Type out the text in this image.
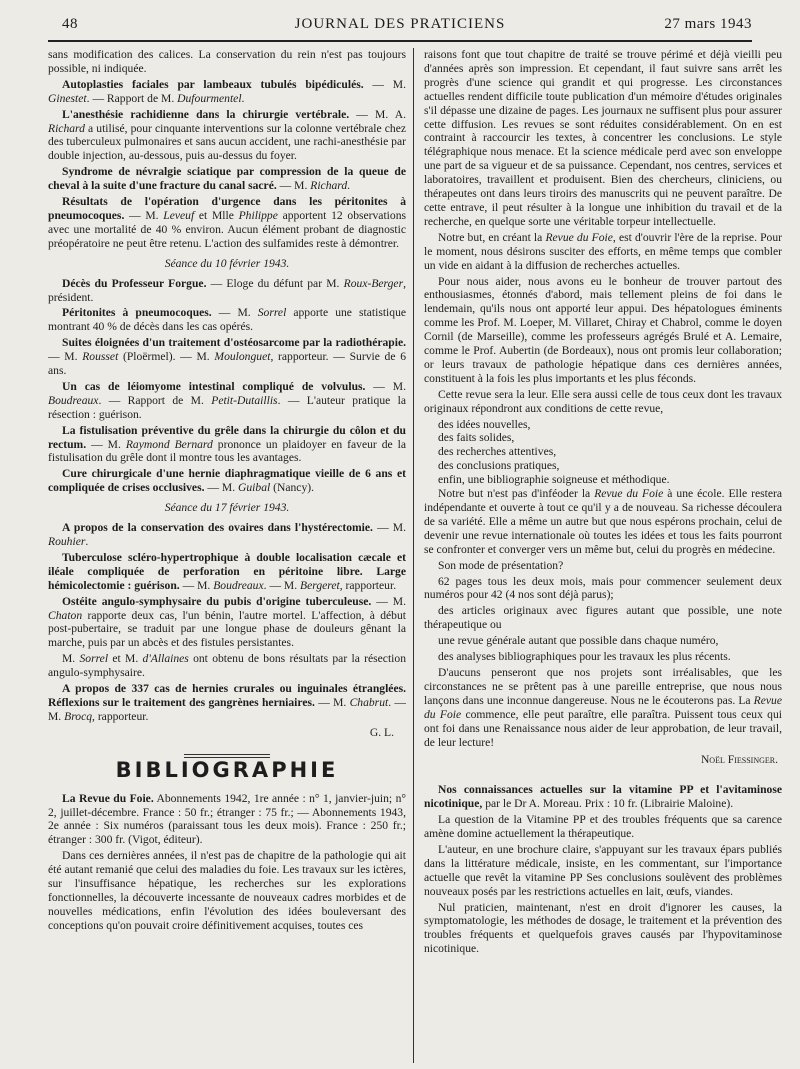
48	JOURNAL DES PRATICIENS	27 mars 1943

sans modification des calices. La conservation du rein n'est pas toujours possible, ni indiquée.

Autoplasties faciales par lambeaux tubulés bipédiculés. — M. Ginestet. — Rapport de M. Dufourmentel.

L'anesthésie rachidienne dans la chirurgie vertébrale. — M. A. Richard a utilisé, pour cinquante interventions sur la colonne vertébrale chez des tuberculeux pulmonaires et sans aucun accident, une rachi-anesthésie par double injection, au-dessous, puis au-dessus du foyer.

Syndrome de névralgie sciatique par compression de la queue de cheval à la suite d'une fracture du canal sacré. — M. Richard.

Résultats de l'opération d'urgence dans les péritonites à pneumocoques. — M. Leveuf et Mlle Philippe apportent 12 observations avec une mortalité de 40 % environ. Aucun élément probant de diagnostic préopératoire ne peut être retenu. L'action des sulfamides reste à démontrer.

Séance du 10 février 1943.

Décès du Professeur Forgue. — Eloge du défunt par M. Roux-Berger, président.

Péritonites à pneumocoques. — M. Sorrel apporte une statistique montrant 40 % de décès dans les cas opérés.

Suites éloignées d'un traitement d'ostéosarcome par la radiothérapie. — M. Rousset (Ploërmel). — M. Moulonguet, rapporteur. — Survie de 6 ans.

Un cas de léiomyome intestinal compliqué de volvulus. — M. Boudreaux. — Rapport de M. Petit-Dutaillis. — L'auteur pratique la résection : guérison.

La fistulisation préventive du grêle dans la chirurgie du côlon et du rectum. — M. Raymond Bernard prononce un plaidoyer en faveur de la fistulisation du grêle dont il montre tous les avantages.

Cure chirurgicale d'une hernie diaphragmatique vieille de 6 ans et compliquée de crises occlusives. — M. Guibal (Nancy).

Séance du 17 février 1943.

A propos de la conservation des ovaires dans l'hystérectomie. — M. Rouhier.

Tuberculose scléro-hypertrophique à double localisation cæcale et iléale compliquée de perforation en péritoine libre. Large hémicolectomie : guérison. — M. Boudreaux. — M. Bergeret, rapporteur.

Ostéite angulo-symphysaire du pubis d'origine tuberculeuse. — M. Chaton rapporte deux cas, l'un bénin, l'autre mortel. L'affection, à début post-pubertaire, se traduit par une longue phase de douleurs gênant la marche, puis par un abcès et des fistules persistantes.

M. Sorrel et M. d'Allaines ont obtenu de bons résultats par la résection angulo-symphysaire.

A propos de 337 cas de hernies crurales ou inguinales étranglées. Réflexions sur le traitement des gangrènes herniaires. — M. Chabrut. — M. Brocq, rapporteur.

G. L.

BIBLIOGRAPHIE

La Revue du Foie. Abonnements 1942, 1re année : n° 1, janvier-juin; n° 2, juillet-décembre. France : 50 fr.; étranger : 75 fr.; — Abonnements 1943, 2e année : Six numéros (paraissant tous les deux mois). France : 250 fr.; étranger : 300 fr. (Vigot, éditeur).

Dans ces dernières années, il n'est pas de chapitre de la pathologie qui ait été autant remanié que celui des maladies du foie. Les travaux sur les ictères, sur l'insuffisance hépatique, les recherches sur les explorations fonctionnelles, la découverte incessante de nouveaux cadres morbides et de nouvelles médications, enfin l'évolution des idées bouleversant des conceptions qu'on pouvait croire définitivement acquises, toutes ces

raisons font que tout chapitre de traité se trouve périmé et déjà vieilli peu d'années après son impression. Et cependant, il faut suivre sans arrêt les progrès d'une science qui grandit et qui progresse. Les circonstances actuelles rendent difficile toute publication d'un mémoire d'études originales s'il dépasse une dizaine de pages. Les journaux ne suffisent plus pour assurer cette diffusion. Les revues se sont réduites considérablement. On en est contraint à raccourcir les textes, à concentrer les conclusions. Le style télégraphique nous menace. Et la science médicale perd avec son enveloppe une part de sa vigueur et de sa puissance. Cependant, nos centres, services et laboratoires, travaillent et produisent. Bien des chercheurs, cliniciens, ou thérapeutes ont dans leurs tiroirs des manuscrits qui ne peuvent paraître. De cette entrave, il peut résulter à la longue une inhibition du travail et de la recherche, en quelque sorte une véritable torpeur intellectuelle.

Notre but, en créant la Revue du Foie, est d'ouvrir l'ère de la reprise. Pour le moment, nous désirons susciter des efforts, en même temps que combler un vide en aidant à la diffusion de recherches actuelles.

Pour nous aider, nous avons eu le bonheur de trouver partout des enthousiasmes, étonnés d'abord, mais tellement pleins de foi dans le lendemain, qu'ils nous ont apporté leur appui. Des hépatologues éminents comme les Prof. M. Loeper, M. Villaret, Chiray et Chabrol, comme le doyen Cornil (de Marseille), comme les professeurs agrégés Brulé et A. Lemaire, comme le Prof. Aubertin (de Bordeaux), nous ont promis leur collaboration; or leurs travaux de pathologie hépatique dans ces dernières années, constituent à la fois les plus importants et les plus féconds.

Cette revue sera la leur. Elle sera aussi celle de tous ceux dont les travaux originaux répondront aux conditions de cette revue,

des idées nouvelles,
des faits solides,
des recherches attentives,
des conclusions pratiques,
enfin, une bibliographie soigneuse et méthodique.

Notre but n'est pas d'inféoder la Revue du Foie à une école. Elle restera indépendante et ouverte à tout ce qu'il y a de nouveau. Sa richesse découlera de sa variété. Elle a même un autre but que nous espérons prochain, celui de devenir une revue internationale où toutes les idées et tous les faits pourront se confronter et converger vers un même but, celui du progrès en médecine.

Son mode de présentation?

62 pages tous les deux mois, mais pour commencer seulement deux numéros pour 42 (4 nos sont déjà parus);

des articles originaux avec figures autant que possible, une note thérapeutique ou

une revue générale autant que possible dans chaque numéro,

des analyses bibliographiques pour les travaux les plus récents.

D'aucuns penseront que nos projets sont irréalisables, que les circonstances ne se prêtent pas à une pareille entreprise, que nous nous lançons dans une inconnue dangereuse. Nous ne le écouterons pas. La Revue du Foie commence, elle peut paraître, elle paraîtra. Puissent tous ceux qui ont foi dans une Renaissance nous aider de leur approbation, de leur travail, de leur lecture!

Noël Fiessinger.

Nos connaissances actuelles sur la vitamine PP et l'avitaminose nicotinique, par le Dr A. Moreau. Prix : 10 fr. (Librairie Maloine).

La question de la Vitamine PP et des troubles fréquents que sa carence amène domine actuellement la thérapeutique.

L'auteur, en une brochure claire, s'appuyant sur les travaux épars publiés dans la littérature médicale, insiste, en les commentant, sur l'importance actuelle que revêt la vitamine PP Ses conclusions soulèvent des problèmes nouveaux posés par les restrictions actuelles en lait, œufs, viandes.

Nul praticien, maintenant, n'est en droit d'ignorer les causes, la symptomatologie, les méthodes de dosage, le traitement et la prévention des troubles fréquents et quelquefois graves causés par l'hypovitaminose nicotinique.
